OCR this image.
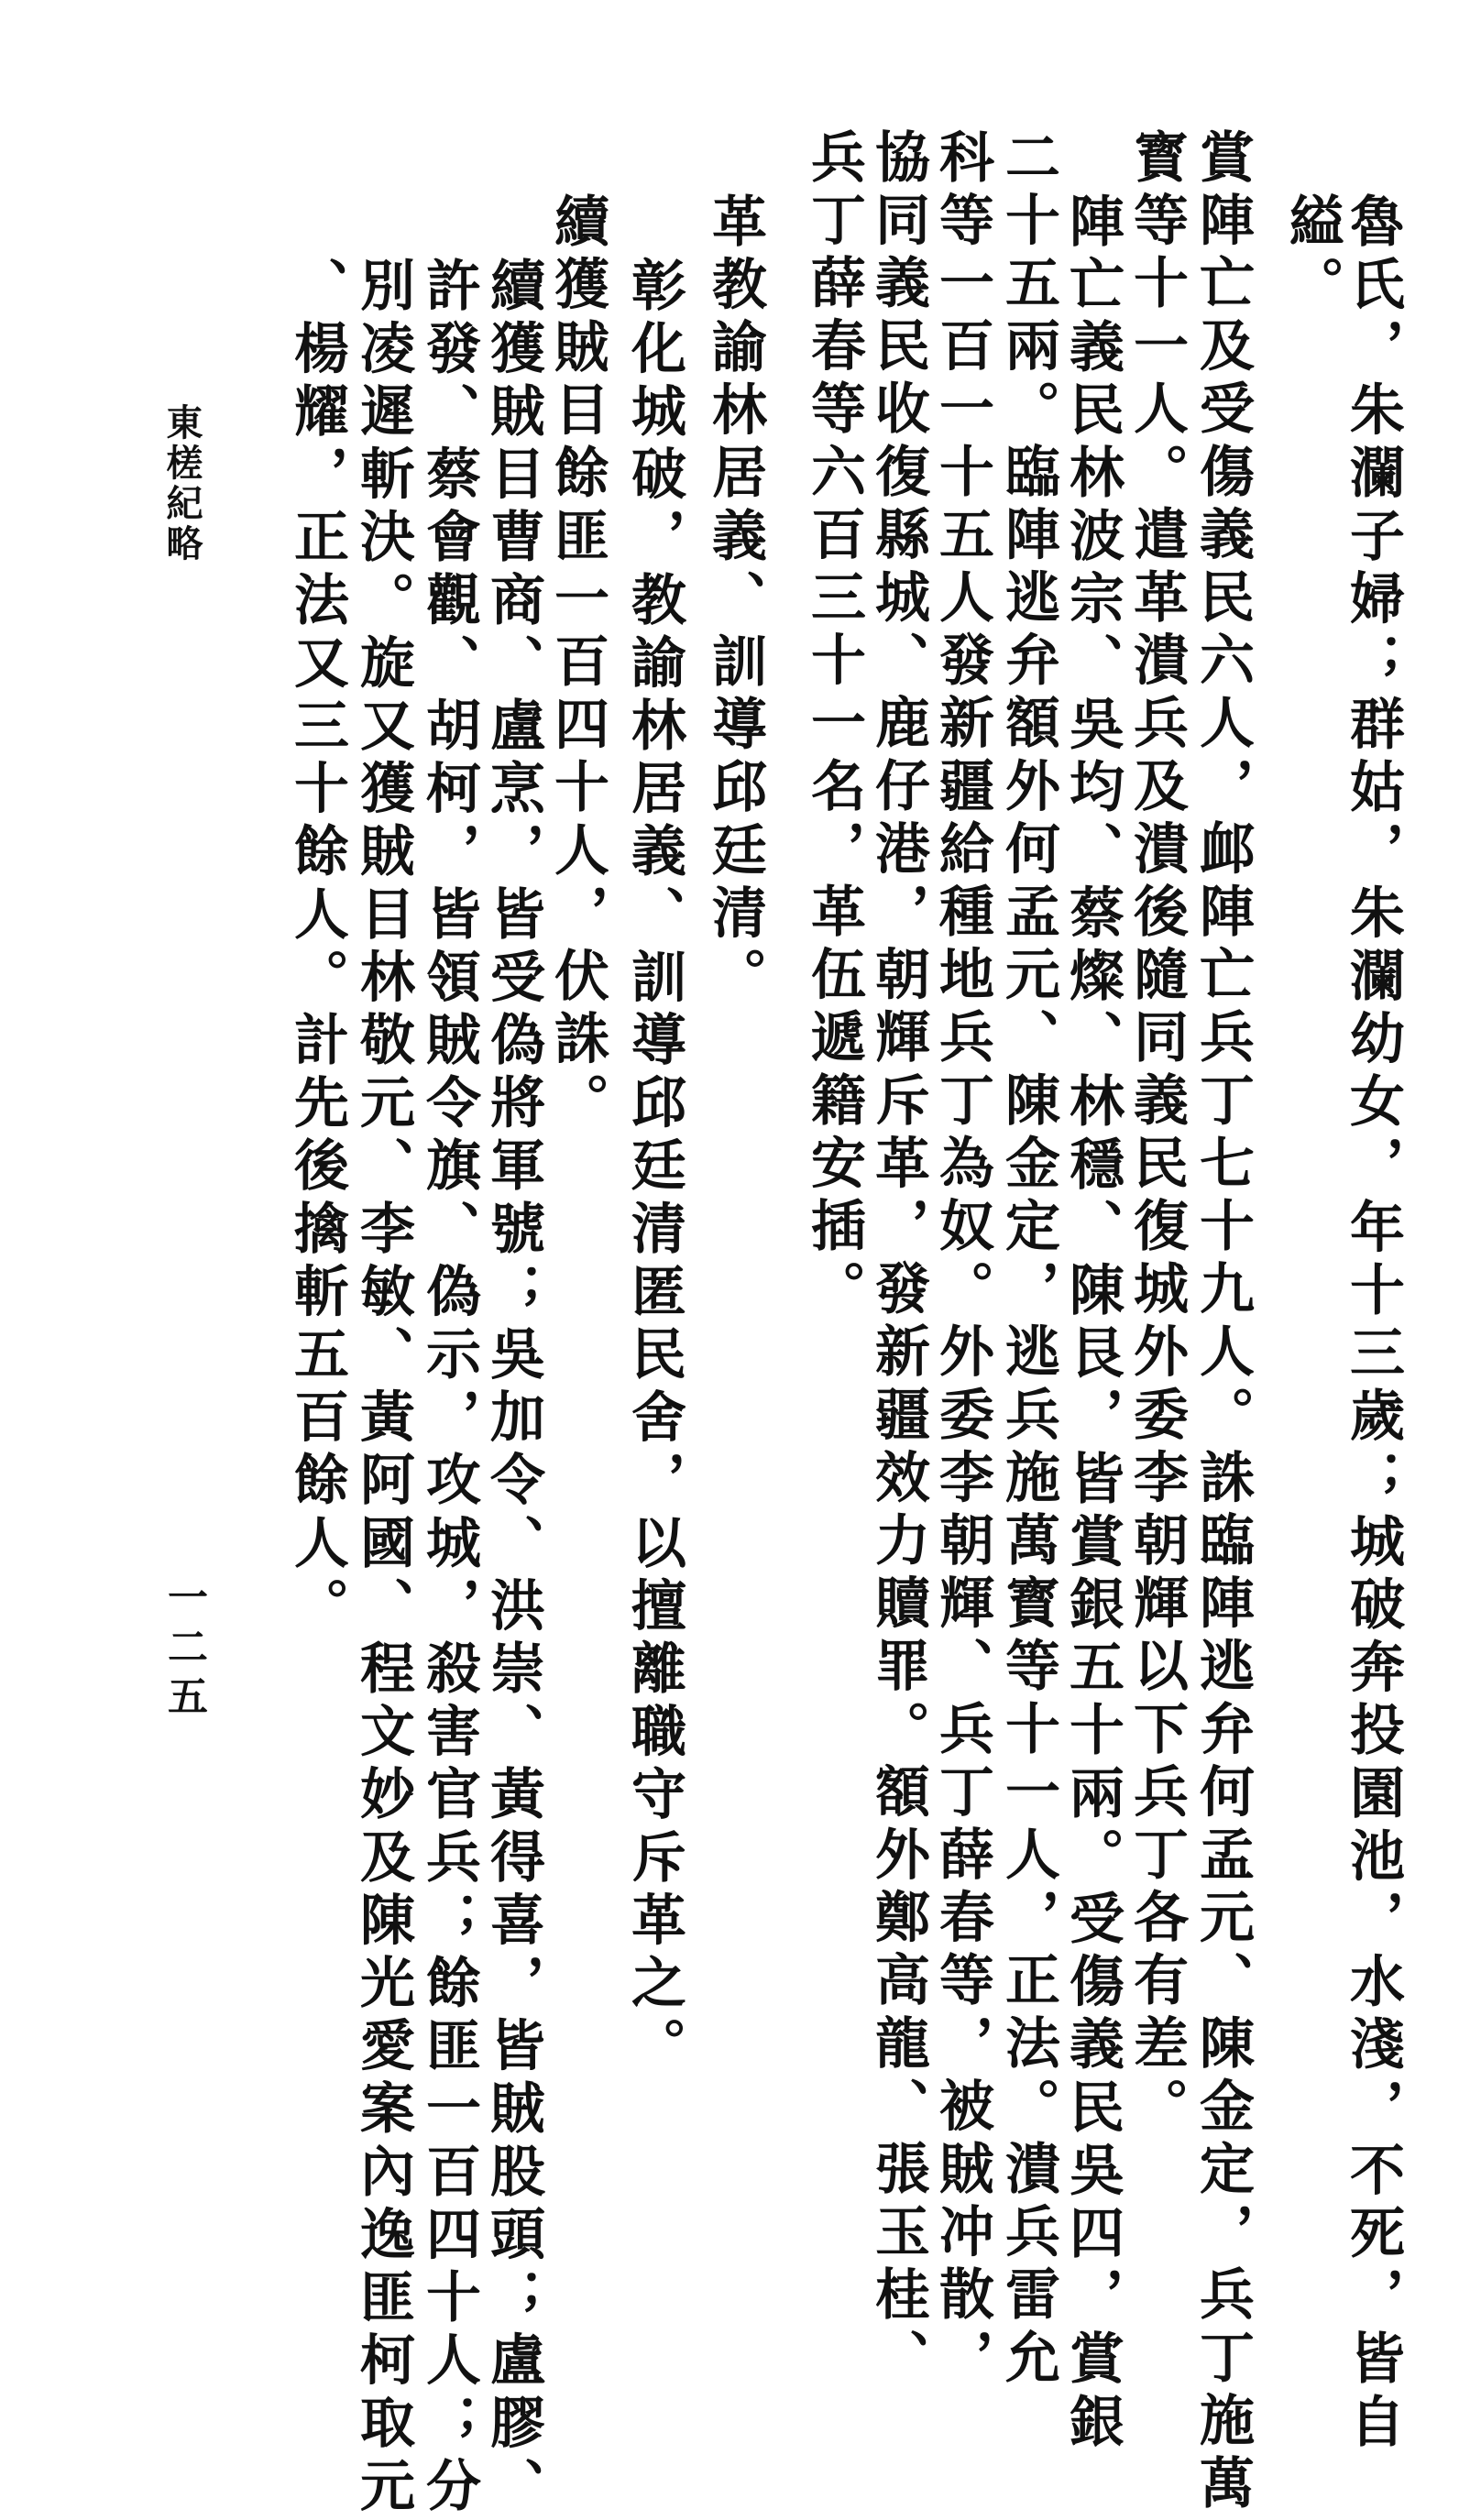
魯氏，朱瀾子婦；群姑，朱瀾幼女，年十三歲；城破奔投園池，水淺，不死，皆自
縊。
賞陣亡及受傷義民六人，䘏陣亡兵丁七十九人。誅臨陣逃弁何孟元、陳金定，兵丁施萬
寳等十一人。遣革潰兵及潰後隨同義民復城外委李朝輝以下兵丁各有差。
陣亡義民林波宗、吳均、蔡燦、林穩、陳艮，皆賞銀五十兩。受傷義民吳四，賞銀
二十五兩。臨陣逃弁額外何孟元、陳金定，逃兵施萬寳等十一人，正法。潰兵雷允
科等一百一十五人發新疆給種地兵丁為奴。外委李朝輝、兵丁薛春等，被賊冲散，
協同義民收復縣城、鹿仔港，朝輝斥革，發新疆效力贖罪。額外鄭高龍、張玉桂、
兵丁薛春等六百三十一名，革伍遞籍安插。
革教諭林居義、訓導邱廷清。
彰化城破，教諭林居義、訓導邱廷清匿民舍，以擅離職守斥革之。
續獲賊目餘匪一百四十人，伏誅。
續獲賊目曹商、盧烹，皆受偽將軍號；吳加令、洪崇、黃得喜，皆賊股頭；盧膠、
許發、蔡會觀、胡柯，皆領賊令旗、偽示，攻城，殺害官兵；餘匪一百四十人；分
別凌遲斬決。旋又獲賊目林敬元、李敏、黃阿國、程文妙及陳光愛案內逸匪柯取元
、楊耀，正法又三十餘人。計先後擒斬五百餘人。
東槎紀略
一二五
